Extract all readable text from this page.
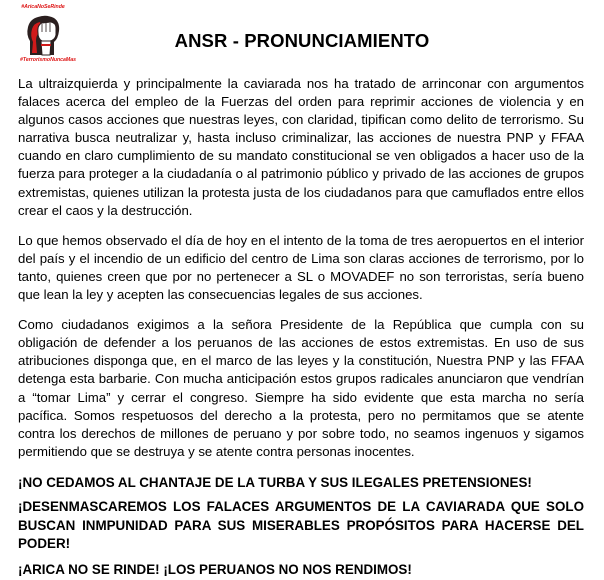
#AricaNoSeRinde
#TerrorismoNuncaMas
ANSR - PRONUNCIAMIENTO

La ultraizquierda y principalmente la caviarada nos ha tratado de arrinconar con argumentos falaces acerca del empleo de la Fuerzas del orden para reprimir acciones de violencia y en algunos casos acciones que nuestras leyes, con claridad, tipifican como delito de terrorismo. Su narrativa busca neutralizar y, hasta incluso criminalizar, las acciones de nuestra PNP y FFAA cuando en claro cumplimiento de su mandato constitucional se ven obligados a hacer uso de la fuerza para proteger a la ciudadanía o al patrimonio público y privado de las acciones de grupos extremistas, quienes utilizan la protesta justa de los ciudadanos para que camuflados entre ellos crear el caos y la destrucción.

Lo que hemos observado el día de hoy en el intento de la toma de tres aeropuertos en el interior del país y el incendio de un edificio del centro de Lima son claras acciones de terrorismo, por lo tanto, quienes creen que por no pertenecer a SL o MOVADEF no son terroristas, sería bueno que lean la ley y acepten las consecuencias legales de sus acciones.

Como ciudadanos exigimos a la señora Presidente de la República que cumpla con su obligación de defender a los peruanos de las acciones de estos extremistas. En uso de sus atribuciones disponga que, en el marco de las leyes y la constitución, Nuestra PNP y las FFAA detenga esta barbarie. Con mucha anticipación estos grupos radicales anunciaron que vendrían a “tomar Lima” y cerrar el congreso. Siempre ha sido evidente que esta marcha no sería pacífica. Somos respetuosos del derecho a la protesta, pero no permitamos que se atente contra los derechos de millones de peruano y por sobre todo, no seamos ingenuos y sigamos permitiendo que se destruya y se atente contra personas inocentes.

¡NO CEDAMOS AL CHANTAJE DE LA TURBA Y SUS ILEGALES PRETENSIONES!

¡DESENMASCAREMOS LOS FALACES ARGUMENTOS DE LA CAVIARADA QUE SOLO BUSCAN INMPUNIDAD PARA SUS MISERABLES PROPÓSITOS PARA HACERSE DEL PODER!

¡ARICA NO SE RINDE! ¡LOS PERUANOS NO NOS RENDIMOS!
